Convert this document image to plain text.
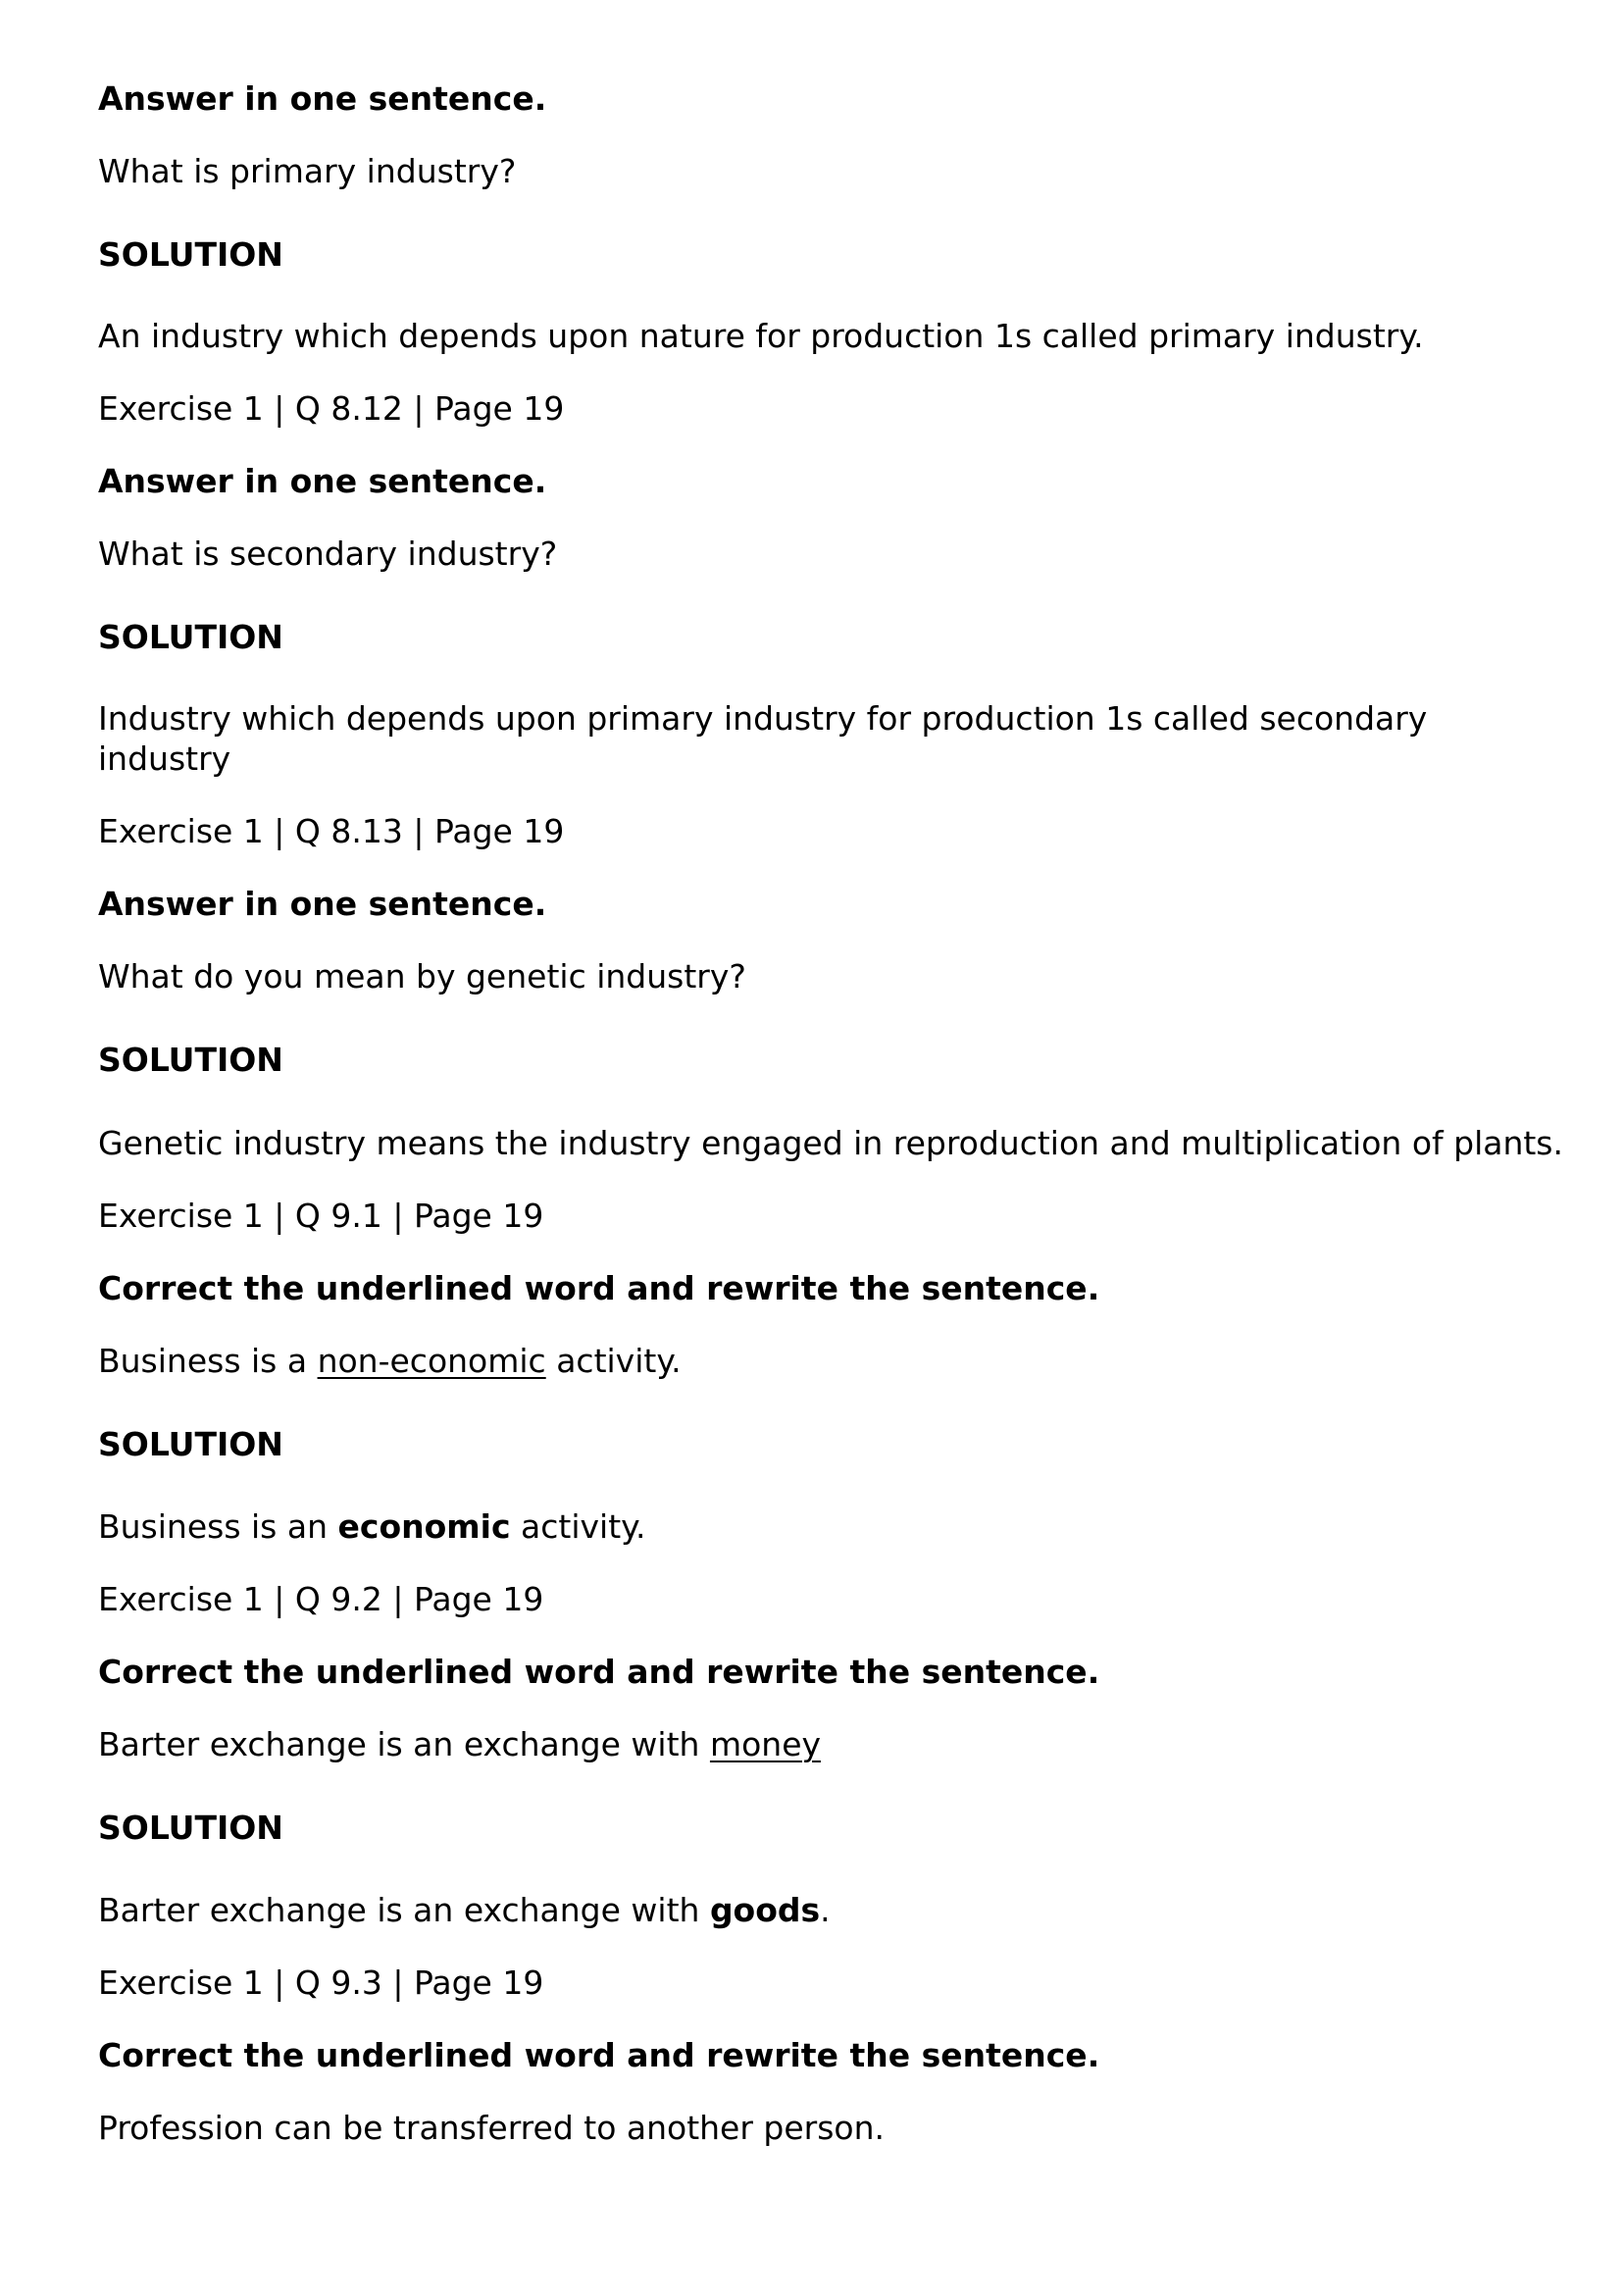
Answer in one sentence.

What is primary industry?

SOLUTION

An industry which depends upon nature for production 1s called primary industry.

Exercise 1 | Q 8.12 | Page 19

Answer in one sentence.

What is secondary industry?

SOLUTION

Industry which depends upon primary industry for production 1s called secondary industry

Exercise 1 | Q 8.13 | Page 19

Answer in one sentence.

What do you mean by genetic industry?

SOLUTION

Genetic industry means the industry engaged in reproduction and multiplication of plants.

Exercise 1 | Q 9.1 | Page 19

Correct the underlined word and rewrite the sentence.

Business is a non-economic activity.

SOLUTION

Business is an economic activity.

Exercise 1 | Q 9.2 | Page 19

Correct the underlined word and rewrite the sentence.

Barter exchange is an exchange with money

SOLUTION

Barter exchange is an exchange with goods.

Exercise 1 | Q 9.3 | Page 19

Correct the underlined word and rewrite the sentence.

Profession can be transferred to another person.
